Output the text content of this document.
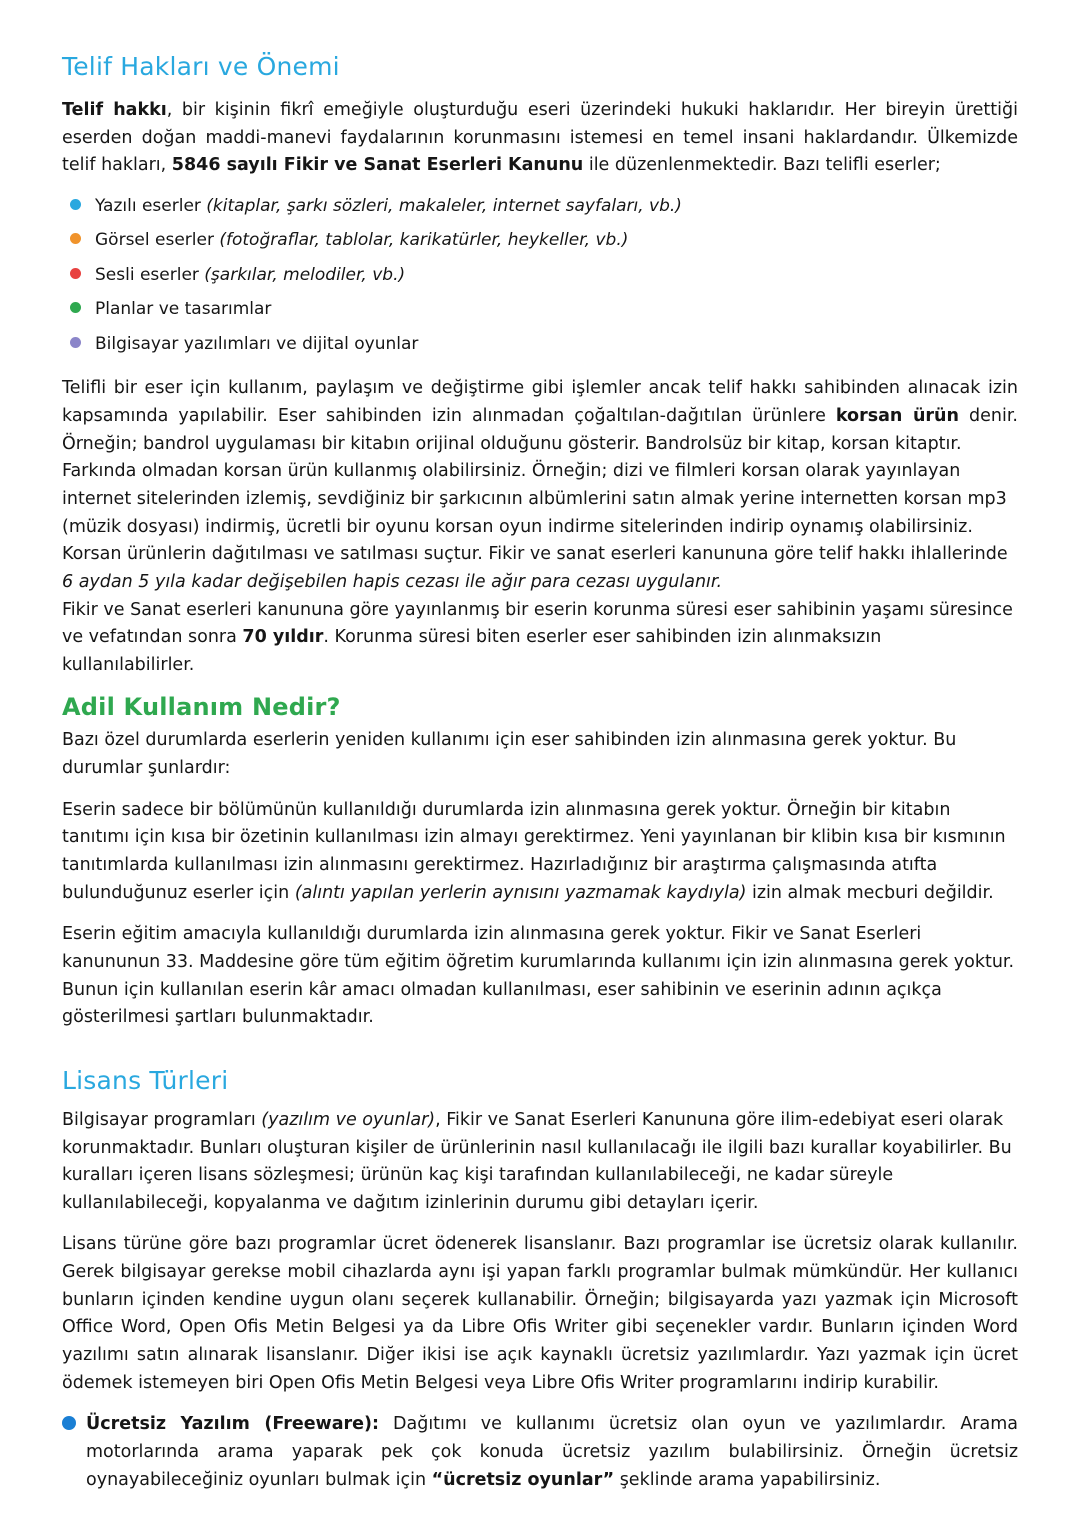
Telif Hakları ve Önemi

Telif hakkı, bir kişinin fikrî emeğiyle oluşturduğu eseri üzerindeki hukuki haklarıdır. Her bireyin ürettiği eserden doğan maddi-manevi faydalarının korunmasını istemesi en temel insani haklardandır. Ülkemizde telif hakları, 5846 sayılı Fikir ve Sanat Eserleri Kanunu ile düzenlenmektedir. Bazı telifli eserler;

Yazılı eserler (kitaplar, şarkı sözleri, makaleler, internet sayfaları, vb.)
Görsel eserler (fotoğraflar, tablolar, karikatürler, heykeller, vb.)
Sesli eserler (şarkılar, melodiler, vb.)
Planlar ve tasarımlar
Bilgisayar yazılımları ve dijital oyunlar

Telifli bir eser için kullanım, paylaşım ve değiştirme gibi işlemler ancak telif hakkı sahibinden alınacak izin kapsamında yapılabilir. Eser sahibinden izin alınmadan çoğaltılan-dağıtılan ürünlere korsan ürün denir. Örneğin; bandrol uygulaması bir kitabın orijinal olduğunu gösterir. Bandrolsüz bir kitap, korsan kitaptır.

Farkında olmadan korsan ürün kullanmış olabilirsiniz. Örneğin; dizi ve filmleri korsan olarak yayınlayan internet sitelerinden izlemiş, sevdiğiniz bir şarkıcının albümlerini satın almak yerine internetten korsan mp3 (müzik dosyası) indirmiş, ücretli bir oyunu korsan oyun indirme sitelerinden indirip oynamış olabilirsiniz. Korsan ürünlerin dağıtılması ve satılması suçtur. Fikir ve sanat eserleri kanununa göre telif hakkı ihlallerinde 6 aydan 5 yıla kadar değişebilen hapis cezası ile ağır para cezası uygulanır.

Fikir ve Sanat eserleri kanununa göre yayınlanmış bir eserin korunma süresi eser sahibinin yaşamı süresince ve vefatından sonra 70 yıldır. Korunma süresi biten eserler eser sahibinden izin alınmaksızın kullanılabilirler.

Adil Kullanım Nedir?

Bazı özel durumlarda eserlerin yeniden kullanımı için eser sahibinden izin alınmasına gerek yoktur. Bu durumlar şunlardır:

Eserin sadece bir bölümünün kullanıldığı durumlarda izin alınmasına gerek yoktur. Örneğin bir kitabın tanıtımı için kısa bir özetinin kullanılması izin almayı gerektirmez. Yeni yayınlanan bir klibin kısa bir kısmının tanıtımlarda kullanılması izin alınmasını gerektirmez. Hazırladığınız bir araştırma çalışmasında atıfta bulunduğunuz eserler için (alıntı yapılan yerlerin aynısını yazmamak kaydıyla) izin almak mecburi değildir.

Eserin eğitim amacıyla kullanıldığı durumlarda izin alınmasına gerek yoktur. Fikir ve Sanat Eserleri kanununun 33. Maddesine göre tüm eğitim öğretim kurumlarında kullanımı için izin alınmasına gerek yoktur. Bunun için kullanılan eserin kâr amacı olmadan kullanılması, eser sahibinin ve eserinin adının açıkça gösterilmesi şartları bulunmaktadır.

Lisans Türleri

Bilgisayar programları (yazılım ve oyunlar), Fikir ve Sanat Eserleri Kanununa göre ilim-edebiyat eseri olarak korunmaktadır. Bunları oluşturan kişiler de ürünlerinin nasıl kullanılacağı ile ilgili bazı kurallar koyabilirler. Bu kuralları içeren lisans sözleşmesi; ürünün kaç kişi tarafından kullanılabileceği, ne kadar süreyle kullanılabileceği, kopyalanma ve dağıtım izinlerinin durumu gibi detayları içerir.

Lisans türüne göre bazı programlar ücret ödenerek lisanslanır. Bazı programlar ise ücretsiz olarak kullanılır. Gerek bilgisayar gerekse mobil cihazlarda aynı işi yapan farklı programlar bulmak mümkündür. Her kullanıcı bunların içinden kendine uygun olanı seçerek kullanabilir. Örneğin; bilgisayarda yazı yazmak için Microsoft Office Word, Open Ofis Metin Belgesi ya da Libre Ofis Writer gibi seçenekler vardır. Bunların içinden Word yazılımı satın alınarak lisanslanır. Diğer ikisi ise açık kaynaklı ücretsiz yazılımlardır. Yazı yazmak için ücret ödemek istemeyen biri Open Ofis Metin Belgesi veya Libre Ofis Writer programlarını indirip kurabilir.

Ücretsiz Yazılım (Freeware): Dağıtımı ve kullanımı ücretsiz olan oyun ve yazılımlardır. Arama motorlarında arama yaparak pek çok konuda ücretsiz yazılım bulabilirsiniz. Örneğin ücretsiz oynayabileceğiniz oyunları bulmak için “ücretsiz oyunlar” şeklinde arama yapabilirsiniz.
